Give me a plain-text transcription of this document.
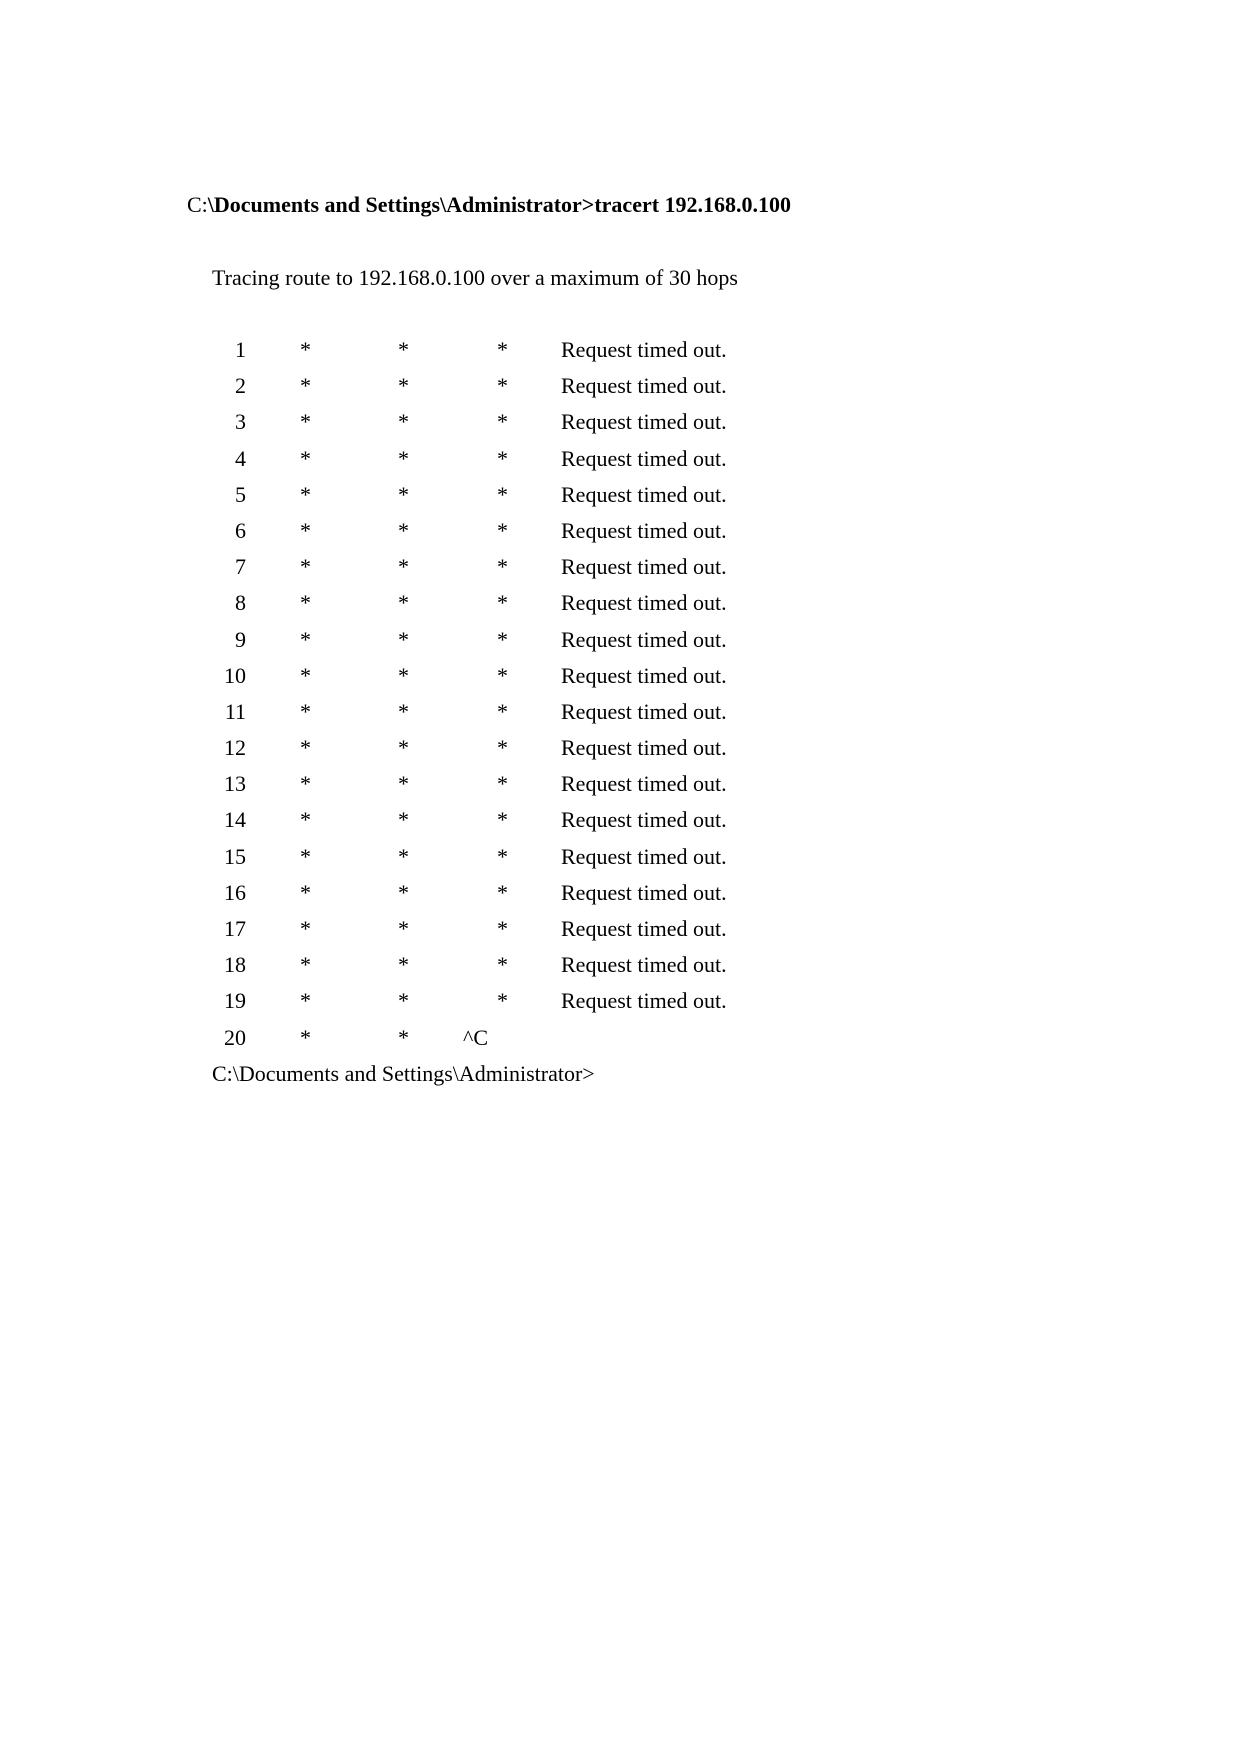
C:\Documents and Settings\Administrator>tracert 192.168.0.100
Tracing route to 192.168.0.100 over a maximum of 30 hops
1 *	*	* Request timed out.
2 *	*	* Request timed out.
3 *	*	* Request timed out.
4 *	*	* Request timed out.
5 *	*	* Request timed out.
6 *	*	* Request timed out.
7 *	*	* Request timed out.
8 *	*	* Request timed out.
9 *	*	* Request timed out.
10 *	*	* Request timed out.
11 *	*	* Request timed out.
12 *	*	* Request timed out.
13 *	*	* Request timed out.
14 *	*	* Request timed out.
15 *	*	* Request timed out.
16 *	*	* Request timed out.
17 *	*	* Request timed out.
18 *	*	* Request timed out.
19 *	*	* Request timed out.
20 *	* ^C
C:\Documents and Settings\Administrator>
